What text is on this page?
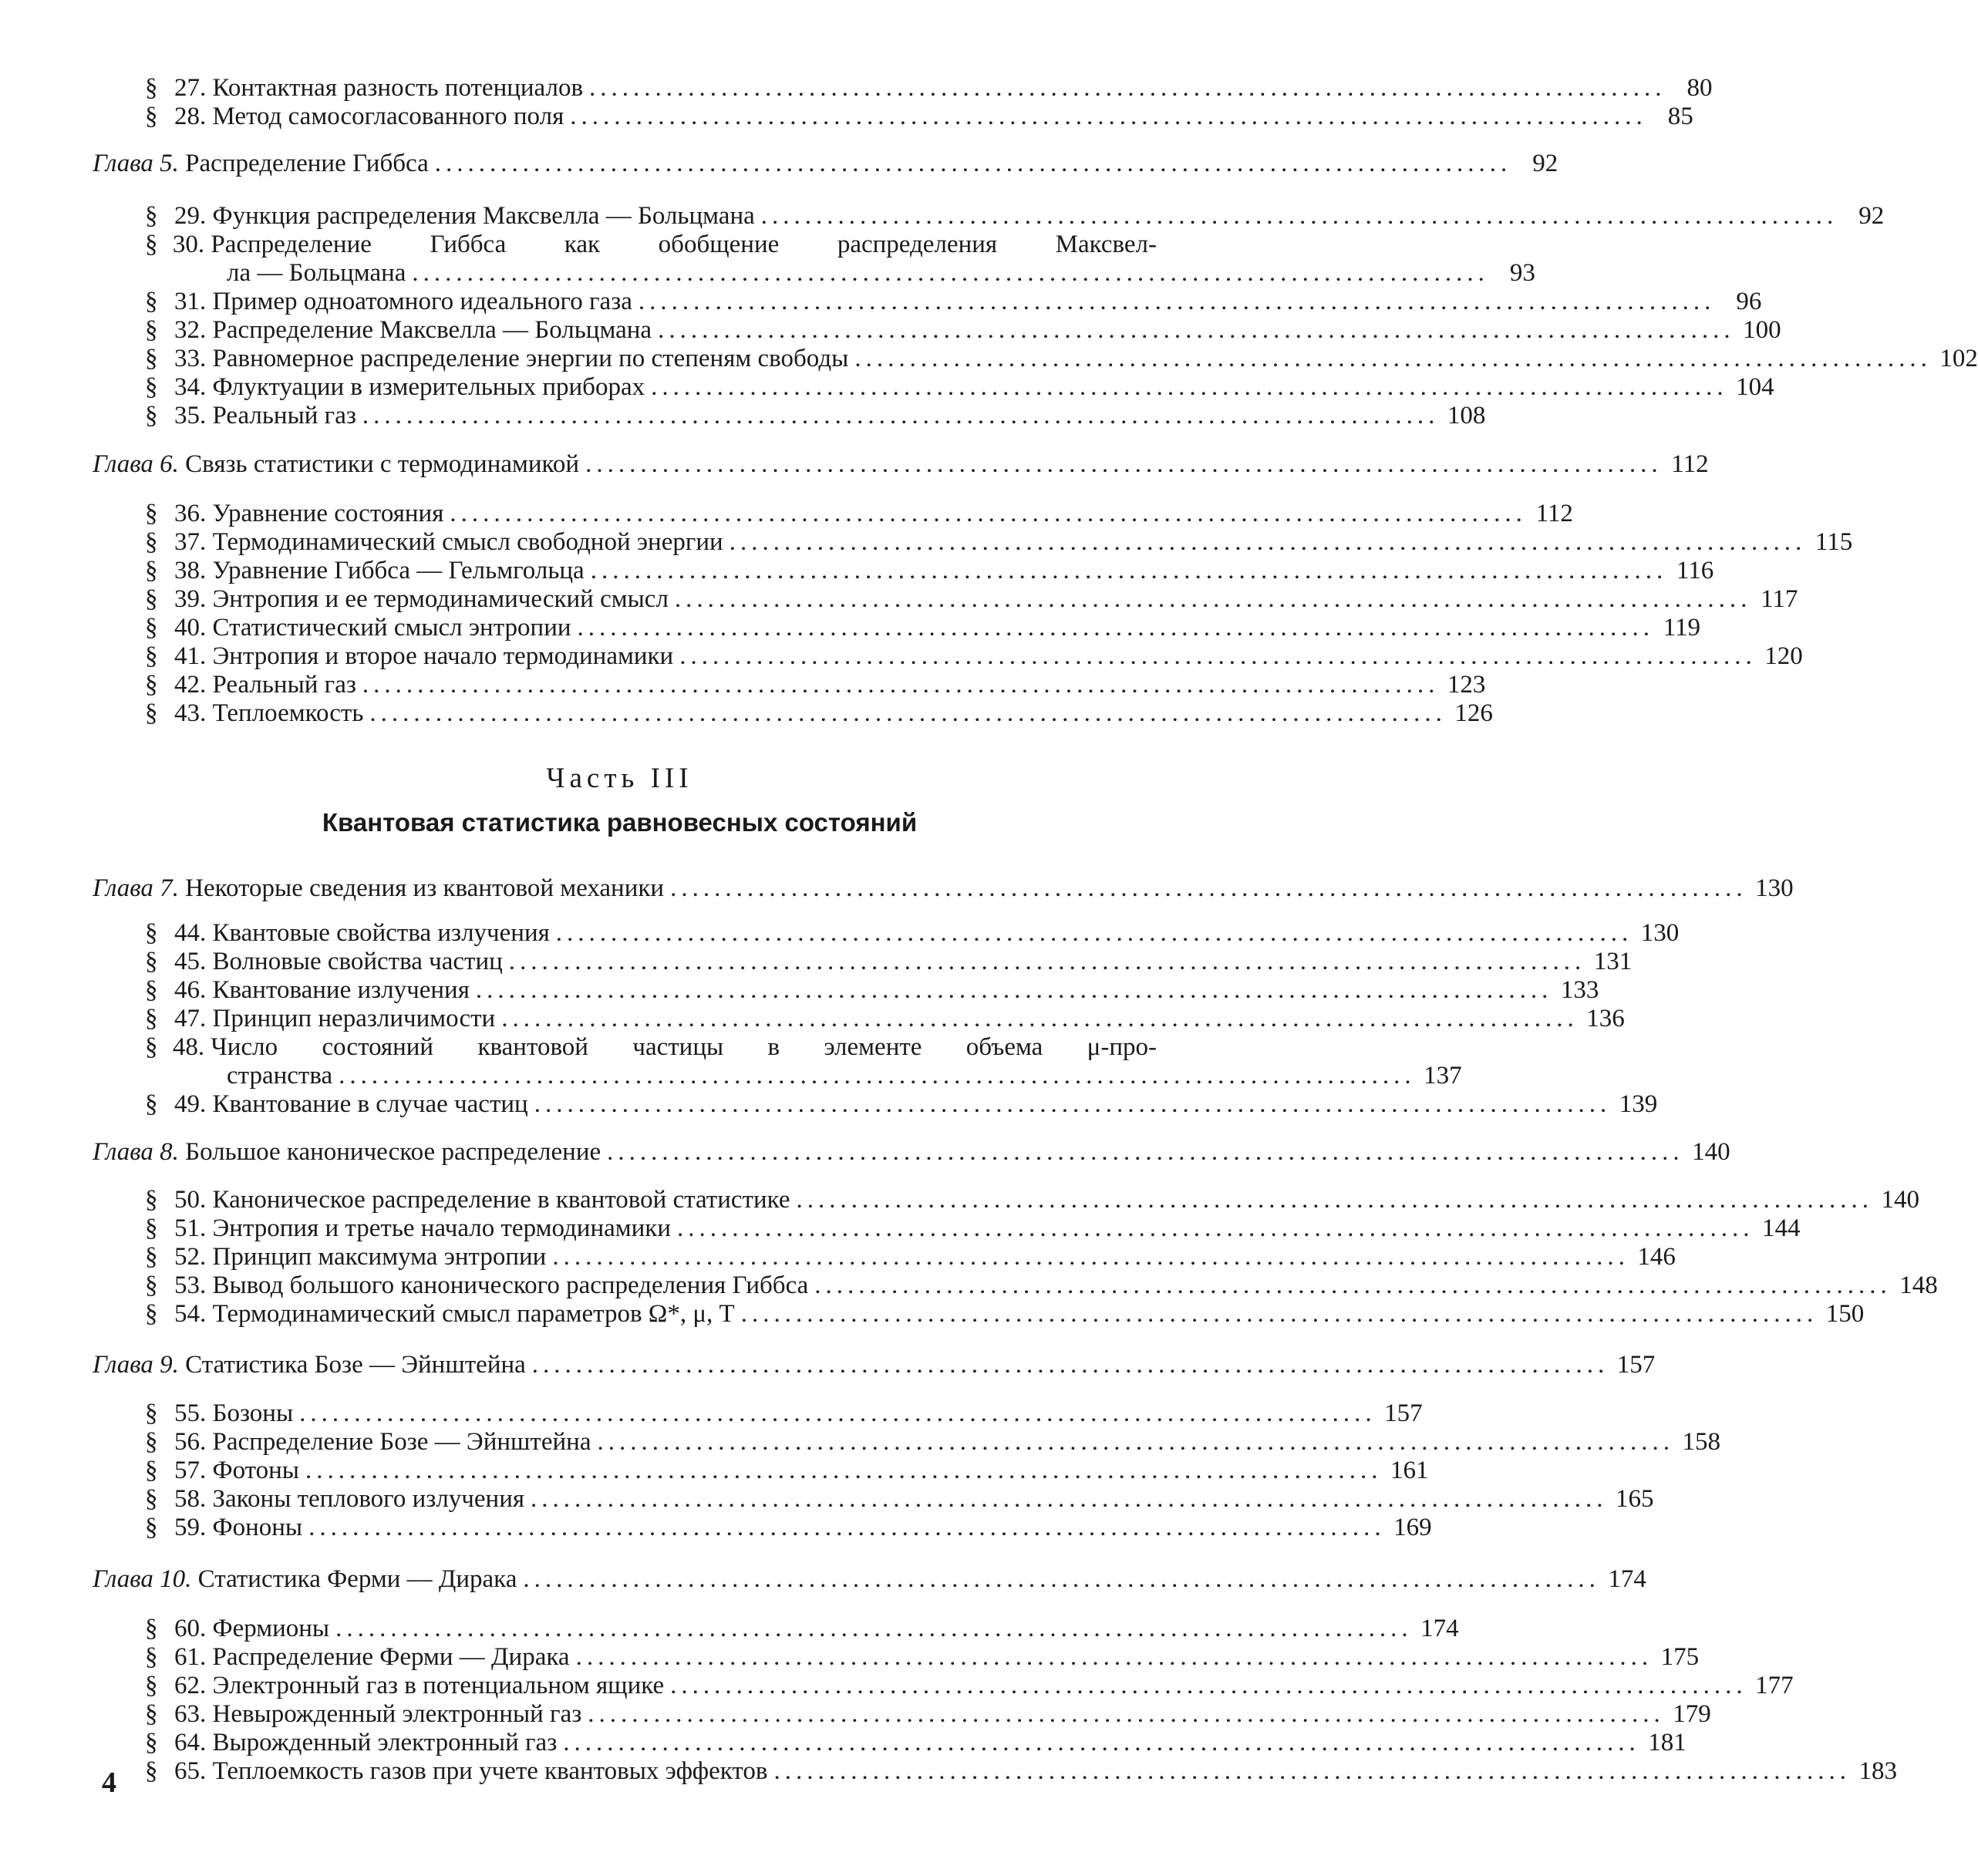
§ 27. Контактная разность потенциалов .................................................................................................. 80
§ 28. Метод самосогласованного поля .................................................................................................. 85
Глава 5. Распределение Гиббса .................................................................................................. 92
§ 29. Функция распределения Максвелла — Больцмана .................................................................................................. 92
§ 30.
Распределение Гиббса как обобщение распределения Максвел-
ла — Больцмана .................................................................................................. 93
§ 31. Пример одноатомного идеального газа .................................................................................................. 96
§ 32. Распределение Максвелла — Больцмана .................................................................................................. 100
§ 33. Равномерное распределение энергии по степеням свободы .................................................................................................. 102
§ 34. Флуктуации в измерительных приборах .................................................................................................. 104
§ 35. Реальный газ .................................................................................................. 108
Глава 6. Связь статистики с термодинамикой .................................................................................................. 112
§ 36. Уравнение состояния .................................................................................................. 112
§ 37. Термодинамический смысл свободной энергии .................................................................................................. 115
§ 38. Уравнение Гиббса — Гельмгольца .................................................................................................. 116
§ 39. Энтропия и ее термодинамический смысл .................................................................................................. 117
§ 40. Статистический смысл энтропии .................................................................................................. 119
§ 41. Энтропия и второе начало термодинамики .................................................................................................. 120
§ 42. Реальный газ .................................................................................................. 123
§ 43. Теплоемкость .................................................................................................. 126
Часть III
Квантовая статистика равновесных состояний
Глава 7. Некоторые сведения из квантовой механики .................................................................................................. 130
§ 44. Квантовые свойства излучения .................................................................................................. 130
§ 45. Волновые свойства частиц .................................................................................................. 131
§ 46. Квантование излучения .................................................................................................. 133
§ 47. Принцип неразличимости .................................................................................................. 136
§ 48.
Число состояний квантовой частицы в элементе объема μ-про-
странства .................................................................................................. 137
§ 49. Квантование в случае частиц .................................................................................................. 139
Глава 8. Большое каноническое распределение .................................................................................................. 140
§ 50. Каноническое распределение в квантовой статистике .................................................................................................. 140
§ 51. Энтропия и третье начало термодинамики .................................................................................................. 144
§ 52. Принцип максимума энтропии .................................................................................................. 146
§ 53. Вывод большого канонического распределения Гиббса .................................................................................................. 148
§ 54. Термодинамический смысл параметров Ω*, μ, T .................................................................................................. 150
Глава 9. Статистика Бозе — Эйнштейна .................................................................................................. 157
§ 55. Бозоны .................................................................................................. 157
§ 56. Распределение Бозе — Эйнштейна .................................................................................................. 158
§ 57. Фотоны .................................................................................................. 161
§ 58. Законы теплового излучения .................................................................................................. 165
§ 59. Фононы .................................................................................................. 169
Глава 10. Статистика Ферми — Дирака .................................................................................................. 174
§ 60. Фермионы .................................................................................................. 174
§ 61. Распределение Ферми — Дирака .................................................................................................. 175
§ 62. Электронный газ в потенциальном ящике .................................................................................................. 177
§ 63. Невырожденный электронный газ .................................................................................................. 179
§ 64. Вырожденный электронный газ .................................................................................................. 181
§ 65. Теплоемкость газов при учете квантовых эффектов .................................................................................................. 183
4
